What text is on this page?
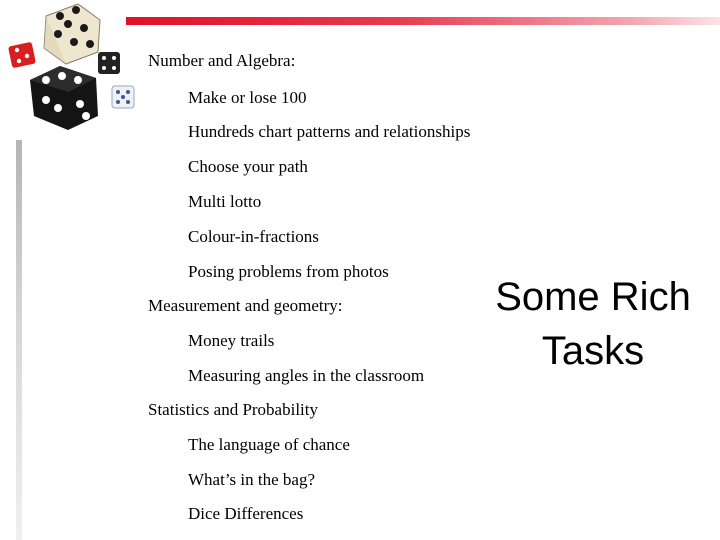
Number and Algebra:
Make or lose 100
Hundreds chart patterns and relationships
Choose your path
Multi lotto
Colour-in-fractions
Posing problems from photos
Measurement and geometry:
Money trails
Measuring angles in the classroom
Statistics and Probability
The language of chance
What’s in the bag?
Dice Differences
Some Rich
Tasks
